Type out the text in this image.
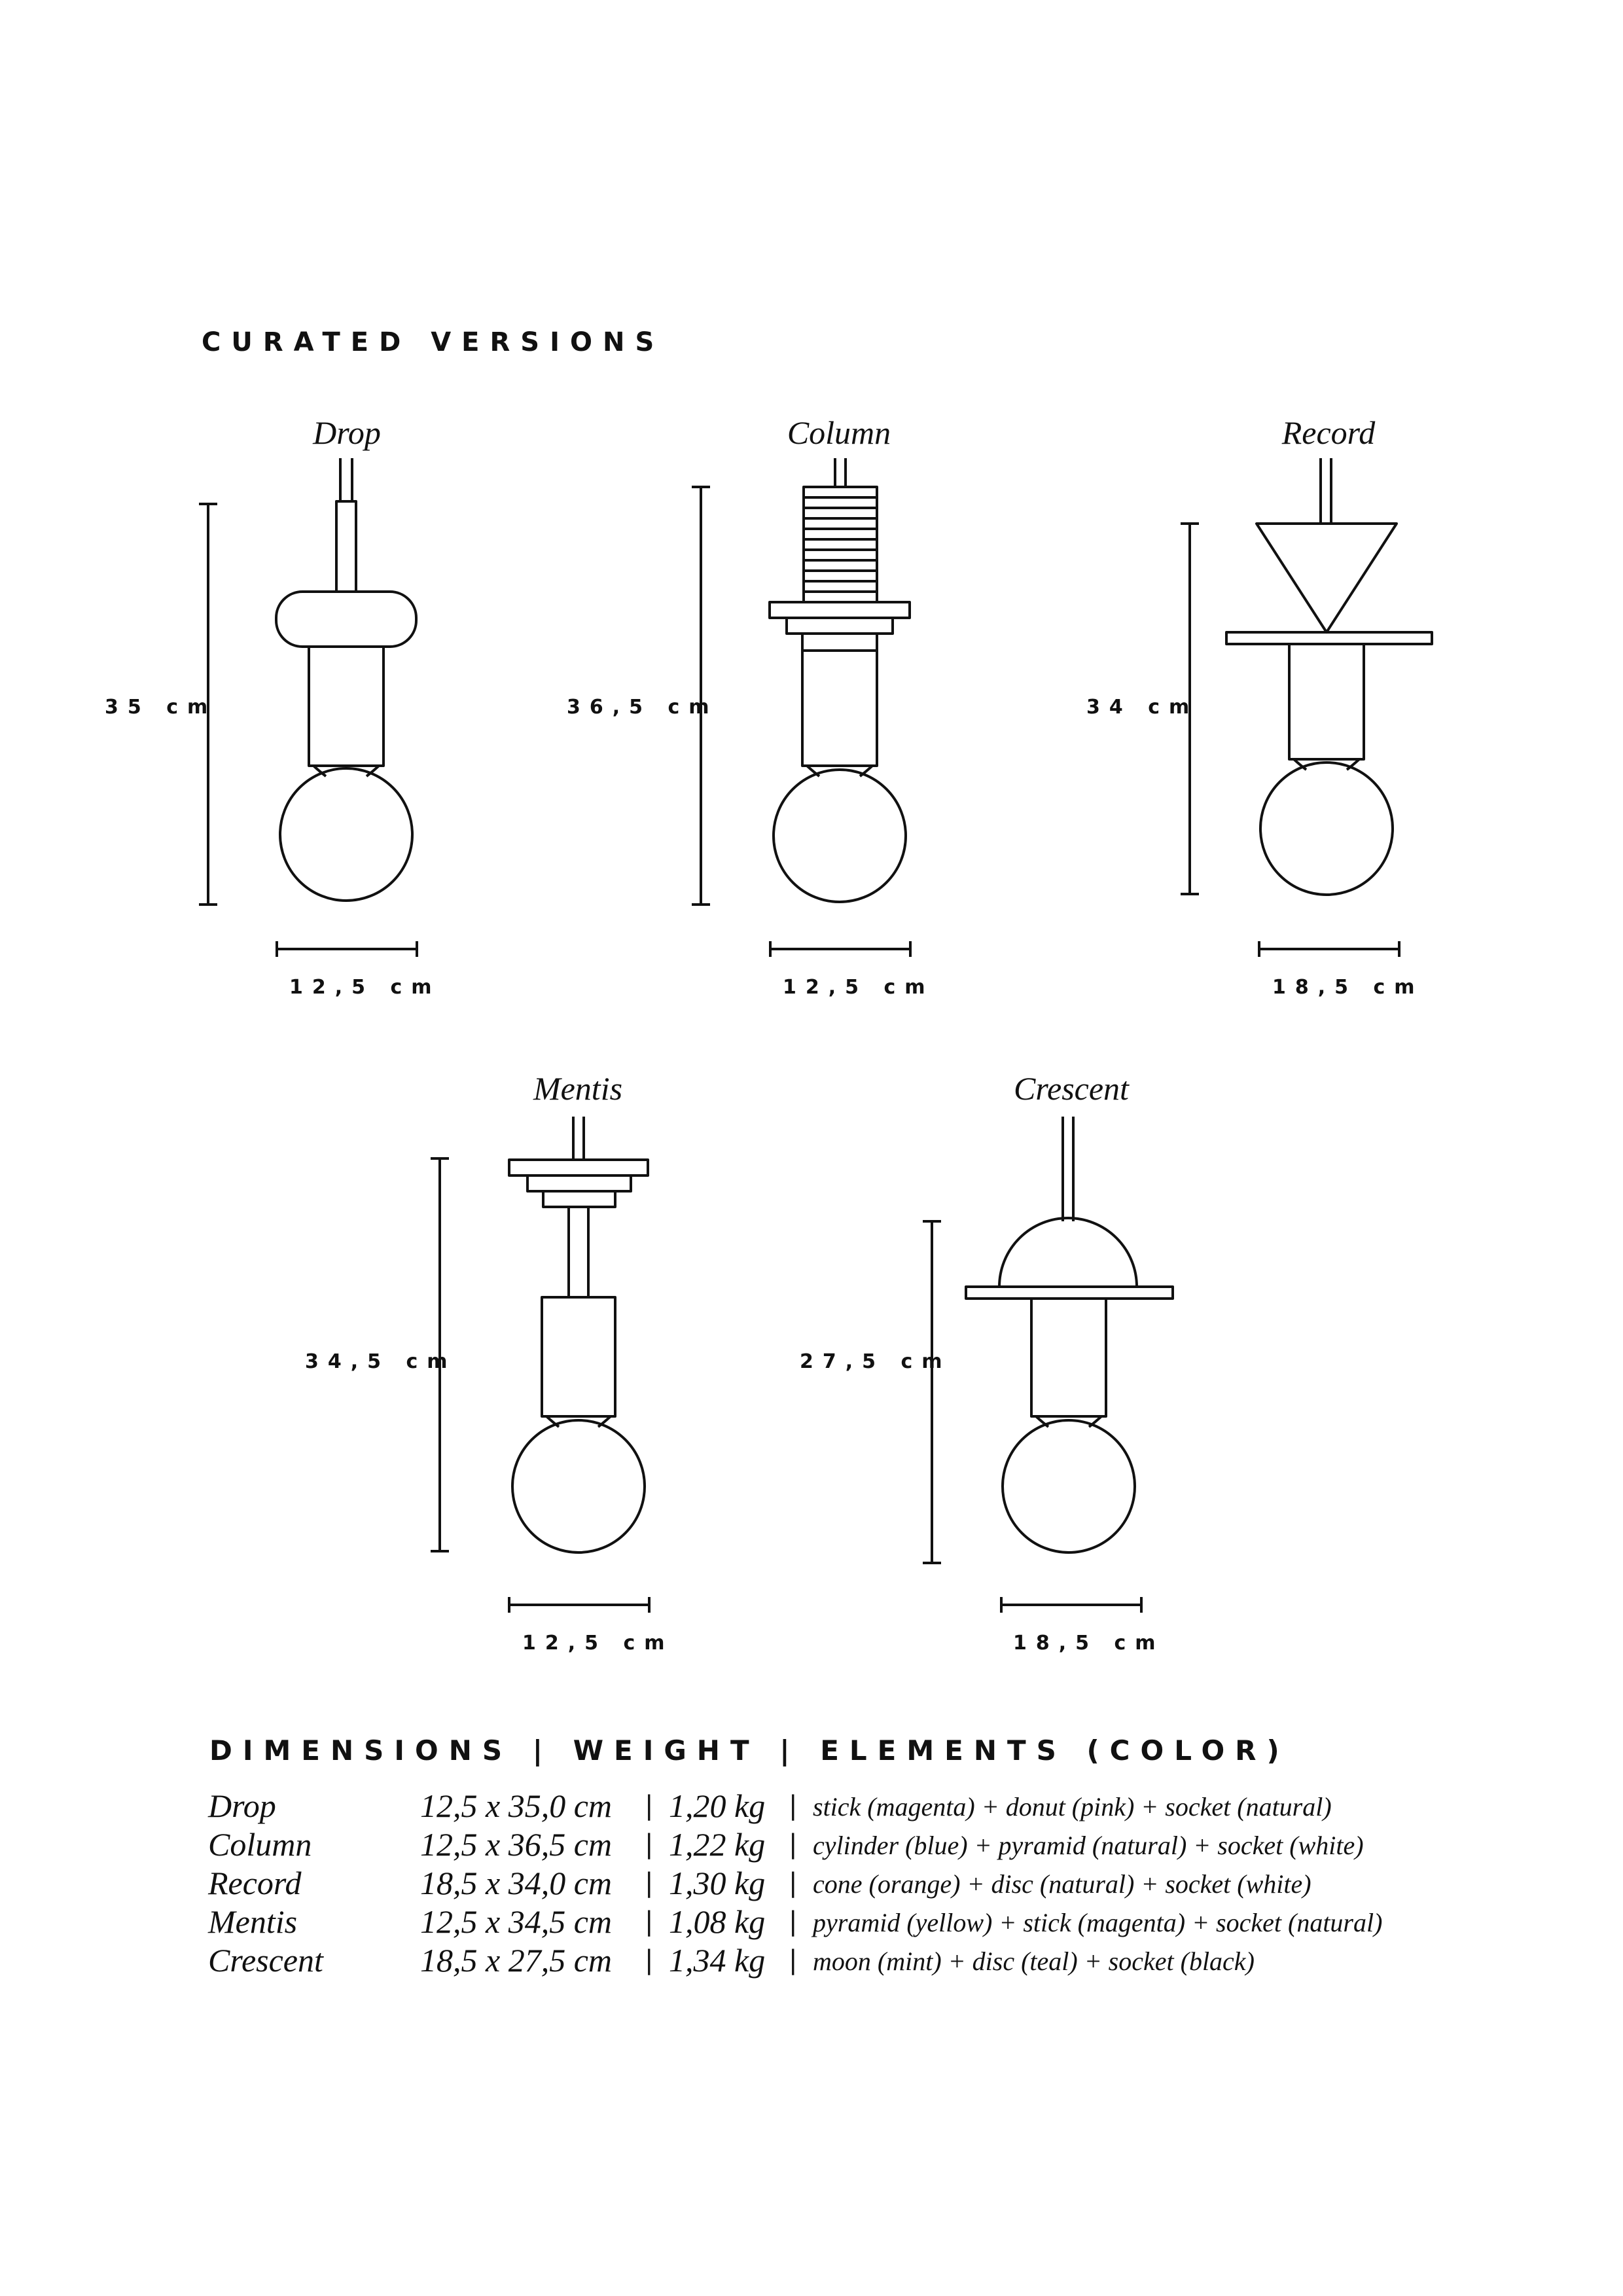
CURATED VERSIONS
Drop
35 cm
12,5 cm
Column
36,5 cm
12,5 cm
Record
34 cm
18,5 cm
Mentis
34,5 cm
12,5 cm
Crescent
27,5 cm
18,5 cm
DIMENSIONS | WEIGHT | ELEMENTS (COLOR)
Drop	12,5 x 35,0 cm | 1,20 kg | stick (magenta) + donut (pink) + socket (natural)
Column	12,5 x 36,5 cm | 1,22 kg | cylinder (blue) + pyramid (natural) + socket (white)
Record	18,5 x 34,0 cm | 1,30 kg | cone (orange) + disc (natural) + socket (white)
Mentis	12,5 x 34,5 cm | 1,08 kg | pyramid (yellow) + stick (magenta) + socket (natural)
Crescent	18,5 x 27,5 cm | 1,34 kg | moon (mint) + disc (teal) + socket (black)
